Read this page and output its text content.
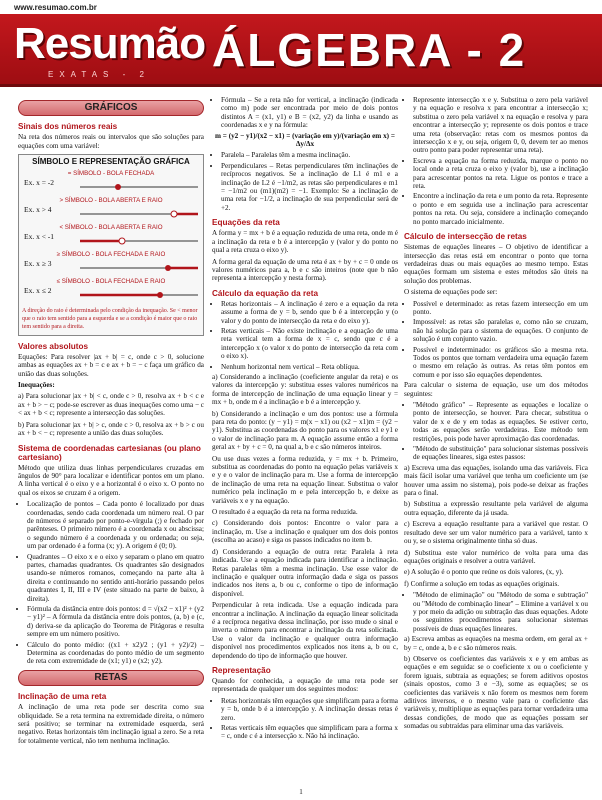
www.resumao.com.br
Resumão
EXATAS - 2 ÁLGEBRA - 2
GRÁFICOS
Sinais dos números reais

Na reta dos números reais ou intervalos que são soluções para equações com uma variável:

SÍMBOLO E REPRESENTAÇÃO GRÁFICA
= SÍMBOLO - BOLA FECHADA
Ex. x = -2
> SÍMBOLO - BOLA ABERTA E RAIO
Ex. x > 4
< SÍMBOLO - BOLA ABERTA E RAIO
Ex. x < -1
≥ SÍMBOLO - BOLA FECHADA E RAIO
Ex. x ≥ 3
≤ SÍMBOLO - BOLA FECHADA E RAIO
Ex. x ≤ 2
A direção do raio é determinada pelo condição da inequação. Se < menor que o raio tem sentido para a esquerda e se a condição é maior que o raio tem sentido para a direita.
Valores absolutos

Equações: Para resolver |ax + b| = c, onde c > 0, solucione ambas as equações ax + b = c e ax + b = − c faça um gráfico da união das duas soluções.

Inequações:

a) Para solucionar |ax + b| < c, onde c > 0, resolva ax + b < c e ax + b > − c; pode-se escrever as duas inequações como uma − c < ax + b < c; represente a intersecção das soluções.

b) Para solucionar |ax + b| > c, onde c > 0, resolva ax + b > c ou ax + b < − c; represente a união das duas soluções.

Sistema de coordenadas cartesianas (ou plano cartesiano)

Método que utiliza duas linhas perpendiculares cruzadas em ângulos de 90° para localizar e identificar pontos em um plano. A linha vertical é o eixo y e a horizontal é o eixo x. O ponto no qual os eixos se cruzam é a origem.

• Localização de pontos – Cada ponto é localizado por duas coordenadas, sendo cada coordenada um número real. O par de números é separado por ponto-e-vírgula (;) e fechado por parênteses. O primeiro número é a coordenada x ou abscissa; o segundo número é a coordenada y ou ordenada; ou seja, um par ordenado é a forma (x; y). A origem é (0; 0).
• Quadrantes – O eixo x e o eixo y separam o plano em quatro partes, chamadas quadrantes. Os quadrantes são designados usando-se números romanos, começando na parte alta à direita e continuando no sentido anti-horário passando pelos quadrantes I, II, III e IV (este situado na parte de baixo, à direita).
• Fórmula da distância entre dois pontos: d = √(x2 − x1)² + (y2 − y1)² – A fórmula da distância entre dois pontos, (a, b) e (c, d) deriva-se da aplicação do Teorema de Pitágoras e resulta sempre em um número positivo.
• Cálculo do ponto médio: ((x1 + x2)/2 ; (y1 + y2)/2) – Determina as coordenadas do ponto médio de um segmento de reta com extremidade de (x1; y1) e (x2; y2).
RETAS
Inclinação de uma reta

A inclinação de uma reta pode ser descrita como sua obliquidade. Se a reta termina na extremidade direita, o número será positivo; se terminar na extremidade esquerda, será negativo. Retas horizontais têm inclinação igual a zero. Se a reta for totalmente vertical, não tem nenhuma inclinação.

• Fórmula – Se a reta não for vertical, a inclinação (indicada como m) pode ser encontrada por meio de dois pontos distintos A = (x1, y1) e B = (x2, y2) da linha e usando as coordenadas x e y na fórmula:

m = (y2 − y1)/(x2 − x1) = (variação em y)/(variação em x) = Δy/Δx

• Paralela – Paralelas têm a mesma inclinação.
• Perpendiculares – Retas perpendiculares têm inclinações de recíprocos negativos. Se a inclinação de L1 é m1 e a inclinação de L2 é −1/m2, as retas são perpendiculares e m1 = −1/m2 ou (m1)(m2) = −1. Exemplo: Se a inclinação de uma reta for −1/2, a inclinação de sua perpendicular será de +2.
Equações da reta

A forma y = mx + b é a equação reduzida de uma reta, onde m é a inclinação da reta e b é a intercepção y (valor y do ponto no qual a reta cruza o eixo y).

A forma geral da equação de uma reta é ax + by + c = 0 onde os valores numéricos para a, b e c são inteiros (note que b não representa a intercepção y nesta forma).

Cálculo da equação da reta
• Retas horizontais – A inclinação é zero e a equação da reta assume a forma de y = b, sendo que b é a intercepção y (o valor y do ponto de intersecção da reta e do eixo y).
• Retas verticais – Não existe inclinação e a equação de uma reta vertical tem a forma de x = c, sendo que c é a intercepção x (o valor x do ponto de intersecção da reta com o eixo x).
• Nenhum horizontal nem vertical – Reta oblíqua.

a) Considerando a inclinação (coeficiente angular da reta) e os valores da intercepção y: substitua esses valores numéricos na forma de intercepção de inclinação de uma equação linear y = mx + b, onde m é a inclinação e b é a intercepção y.

b) Considerando a inclinação e um dos pontos: use a fórmula para reta do ponto: (y − y1) = m(x − x1) ou (x2 − x1)m = (y2 − y1). Substitua as coordenadas do ponto para os valores x1 e y1 e o valor de inclinação para m. A equação assume então a forma geral ax + by + c = 0, na qual a, b e c são números inteiros.

Ou use duas vezes a forma reduzida, y = mx + b. Primeiro, substitua as coordenadas do ponto na equação pelas variáveis x e y e o valor de inclinação para m. Use a forma de intercepção de inclinação de uma reta na equação linear. Substitua o valor numérico pela inclinação m e pela intercepção b, e deixe as variáveis x e y na equação.

O resultado é a equação da reta na forma reduzida.

c) Considerando dois pontos: Encontre o valor para a inclinação, m. Use a inclinação e qualquer um dos dois pontos (escolha ao acaso) e siga os passos indicados no item b.

d) Considerando a equação de outra reta: Paralela à reta indicada. Use a equação indicada para identificar a inclinação. Retas paralelas têm a mesma inclinação. Use esse valor de inclinação e qualquer outra informação dada e siga os passos indicados nos itens a, b ou c, conforme o tipo de informação disponível.

Perpendicular à reta indicada. Use a equação indicada para encontrar a inclinação. A inclinação da equação linear solicitada é a recíproca negativa dessa inclinação, por isso mude o sinal e inverta o número para encontrar a inclinação da reta solicitada. Use o valor da inclinação e qualquer outra informação disponível nos procedimentos explicados nos itens a, b ou c, dependendo do tipo de informação que houver.

Representação

Quando for conhecida, a equação de uma reta pode ser representada de qualquer um dos seguintes modos:

• Retas horizontais têm equações que simplificam para a forma y = b, onde b é a intercepção y. A inclinação dessas retas é zero.
• Retas verticais têm equações que simplificam para a forma x = c, onde c é a intersecção x. Não há inclinação.
• Represente intersecção x e y. Substitua o zero pela variável y na equação e resolva x para encontrar a intersecção x; substitua o zero pela variável x na equação e resolva y para encontrar a intersecção y; represente os dois pontos e trace uma reta (observação: retas com os mesmos pontos da intersecção x e y, ou seja, origem 0, 0, devem ter ao menos outro ponto para poder representar uma reta).
• Escreva a equação na forma reduzida, marque o ponto no local onde a reta cruza o eixo y (valor b), use a inclinação para acrescentar pontos na reta. Ligue os pontos e trace a reta.
• Encontre a inclinação da reta e um ponto da reta. Represente o ponto e em seguida use a inclinação para acrescentar pontos na reta. Ou seja, considere a inclinação começando no ponto marcado inicialmente.
Cálculo de intersecção de retas

Sistemas de equações lineares – O objetivo de identificar a intersecção das retas está em encontrar o ponto que torna verdadeiras duas ou mais equações ao mesmo tempo. Estas equações formam um sistema e estes métodos são úteis na solução dos problemas.

O sistema de equações pode ser:

• Possível e determinado: as retas fazem intersecção em um ponto.
• Impossível: as retas são paralelas e, como não se cruzam, não há solução para o sistema de equações. O conjunto de solução é um conjunto vazio.
• Possível e indeterminado: os gráficos são a mesma reta. Todos os pontos que tornam verdadeira uma equação fazem o mesmo em relação às outras. As retas têm pontos em comum e por isso são equações dependentes.

Para calcular o sistema de equação, use um dos métodos seguintes:

• "Método gráfico" – Represente as equações e localize o ponto de intersecção, se houver. Para checar, substitua o valor de x e de y em todas as equações. Se estiver certo, todas as equações serão verdadeiras. Este método tem restrições, pois pode haver aproximação das coordenadas.
• "Método de substituição" para solucionar sistemas possíveis de equações lineares, siga estes passos:

a) Escreva uma das equações, isolando uma das variáveis. Fica mais fácil isolar uma variável que tenha um coeficiente um (se houver uma assim no sistema), pois pode-se deixar as frações para o final.

b) Substitua a expressão resultante pela variável de alguma outra equação, diferente da já usada.

c) Escreva a equação resultante para a variável que restar. O resultado deve ser um valor numérico para a variável, tanto x ou y, se o sistema originalmente tinha só duas.

d) Substitua este valor numérico de volta para uma das equações originais e resolver a outra variável.

e) A solução é o ponto que reúne os dois valores, (x, y).

f) Confirme a solução em todas as equações originais.

• "Método de eliminação" ou "Método de soma e subtração" ou "Método de combinação linear" – Elimine a variável x ou y por meio da adição ou subtração das duas equações. Adote os seguintes procedimentos para solucionar sistemas possíveis de duas equações lineares.

a) Escreva ambas as equações na mesma ordem, em geral ax + by = c, onde a, b e c são números reais.

b) Observe os coeficientes das variáveis x e y em ambas as equações e em seguida: se o coeficiente x ou o coeficiente y forem iguais, subtraia as equações; se forem aditivos opostos (sinais opostos, como 3 e −3), some as equações; se os coeficientes das variáveis x não forem os mesmos nem forem aditivos inversos, e o mesmo vale para o coeficiente das variáveis y, multiplique as equações para tornar verdadeira uma dessas condições, de modo que as equações possam ser somadas ou subtraídas para eliminar uma das variáveis.

1
